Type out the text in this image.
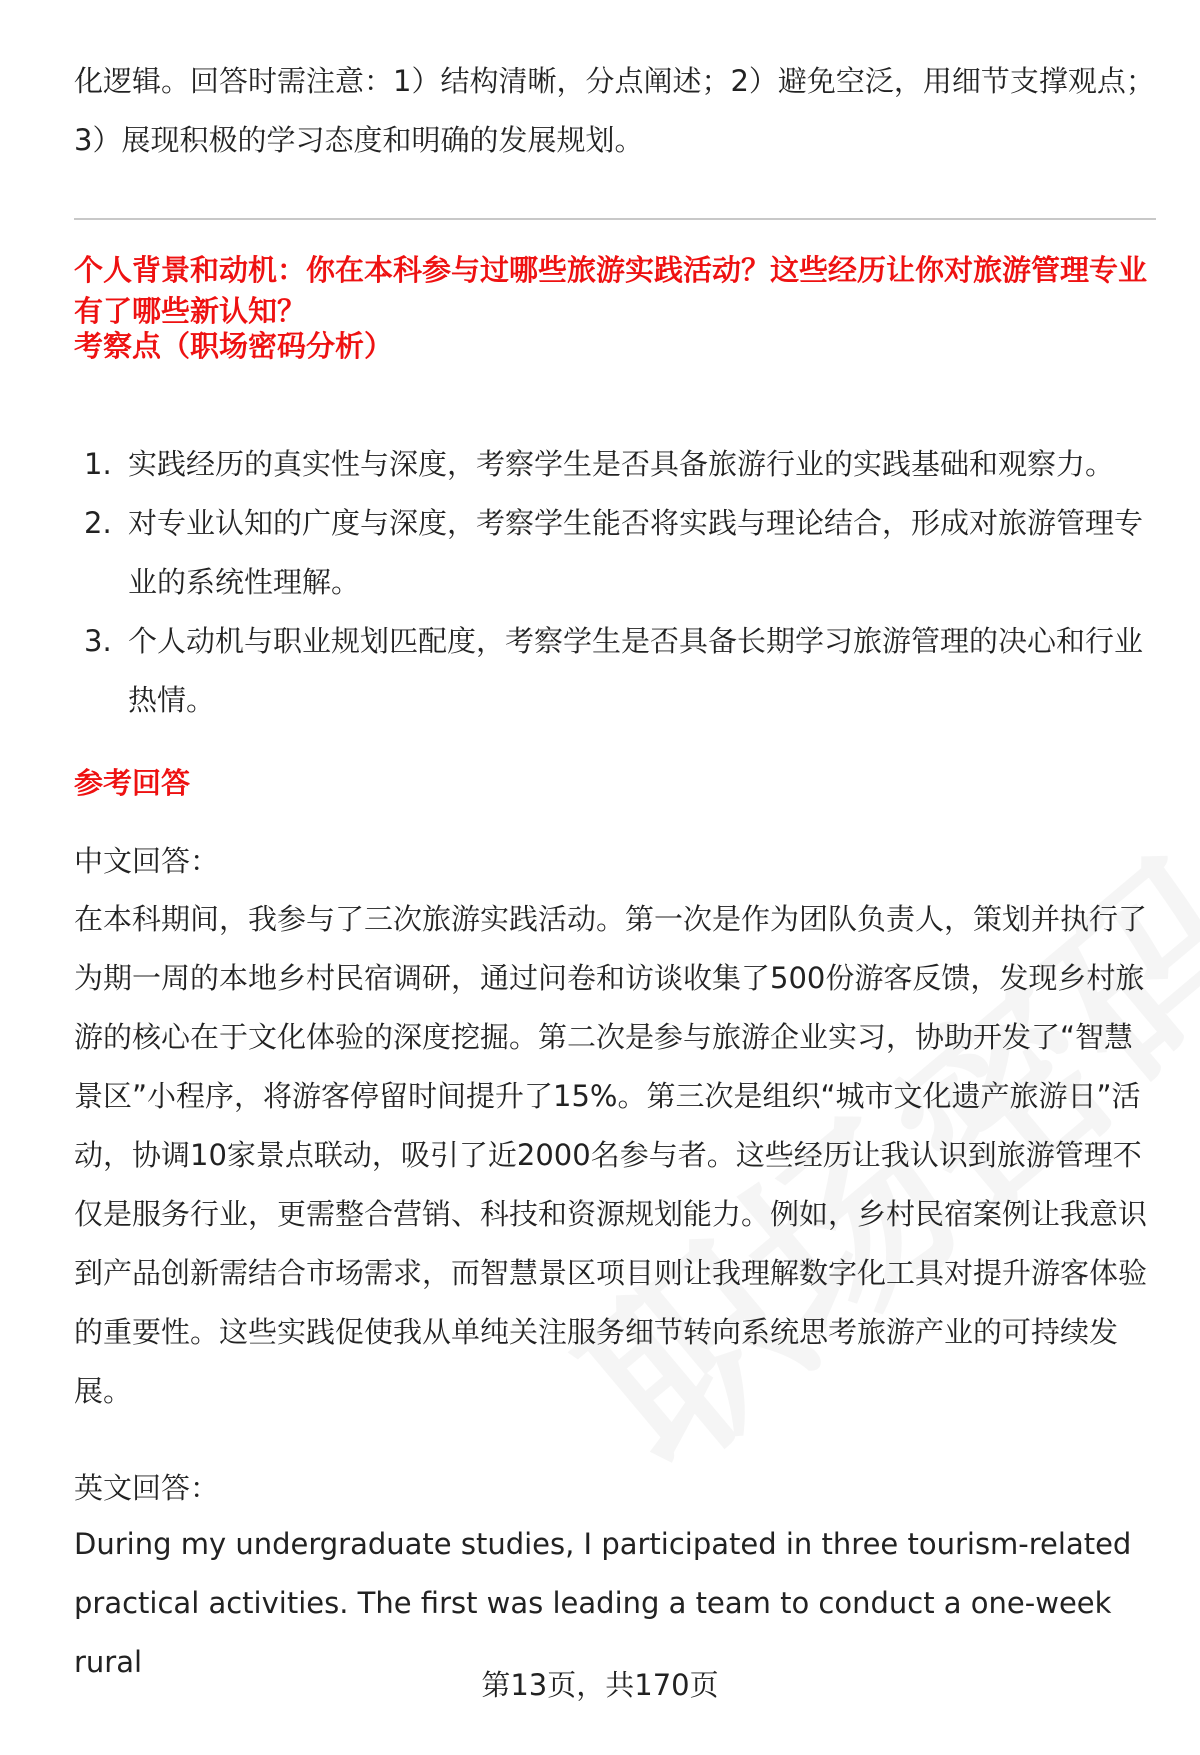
化逻辑。回答时需注意：1）结构清晰，分点阐述；2）避免空泛，用细节支撑观点；3）展现积极的学习态度和明确的发展规划。

个人背景和动机：你在本科参与过哪些旅游实践活动？这些经历让你对旅游管理专业有了哪些新认知？

考察点（职场密码分析）

1. 实践经历的真实性与深度，考察学生是否具备旅游行业的实践基础和观察力。
2. 对专业认知的广度与深度，考察学生能否将实践与理论结合，形成对旅游管理专业的系统性理解。
3. 个人动机与职业规划匹配度，考察学生是否具备长期学习旅游管理的决心和行业热情。

参考回答

中文回答：

在本科期间，我参与了三次旅游实践活动。第一次是作为团队负责人，策划并执行了为期一周的本地乡村民宿调研，通过问卷和访谈收集了500份游客反馈，发现乡村旅游的核心在于文化体验的深度挖掘。第二次是参与旅游企业实习，协助开发了“智慧景区”小程序，将游客停留时间提升了15%。第三次是组织“城市文化遗产旅游日”活动，协调10家景点联动，吸引了近2000名参与者。这些经历让我认识到旅游管理不仅是服务行业，更需整合营销、科技和资源规划能力。例如，乡村民宿案例让我意识到产品创新需结合市场需求，而智慧景区项目则让我理解数字化工具对提升游客体验的重要性。这些实践促使我从单纯关注服务细节转向系统思考旅游产业的可持续发展。

英文回答：

During my undergraduate studies, I participated in three tourism-related practical activities. The first was leading a team to conduct a one-week rural

第13页，共170页
